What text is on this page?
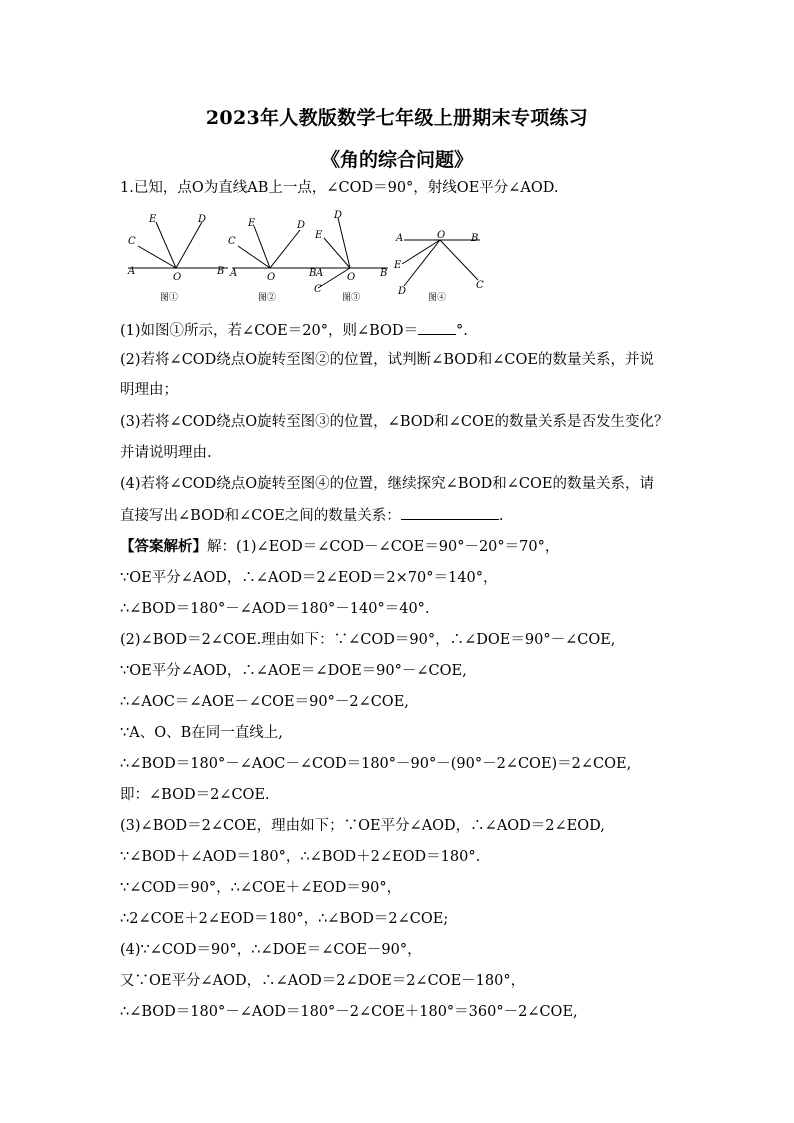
2023年人教版数学七年级上册期末专项练习
《角的综合问题》
1.已知，点O为直线AB上一点，∠COD＝90°，射线OE平分∠AOD.
A
O
B
C
E	D
图①
A	O	B
C
E	D
图②
A O B
C
E
D
图③
A	O	B
E
D
C
图④
(1)如图①所示，若∠COE＝20°，则∠BOD＝	°.
(2)若将∠COD绕点O旋转至图②的位置，试判断∠BOD和∠COE的数量关系，并说
明理由；
(3)若将∠COD绕点O旋转至图③的位置，∠BOD和∠COE的数量关系是否发生变化？
并请说明理由.
(4)若将∠COD绕点O旋转至图④的位置，继续探究∠BOD和∠COE的数量关系，请
直接写出∠BOD和∠COE之间的数量关系：	.
【答案解析】解：(1)∠EOD＝∠COD－∠COE＝90°－20°＝70°，
∵OE平分∠AOD，∴∠AOD＝2∠EOD＝2×70°＝140°，
∴∠BOD＝180°－∠AOD＝180°－140°＝40°.
(2)∠BOD＝2∠COE.理由如下：∵∠COD＝90°，∴∠DOE＝90°－∠COE,
∵OE平分∠AOD，∴∠AOE＝∠DOE＝90°－∠COE,
∴∠AOC＝∠AOE－∠COE＝90°－2∠COE,
∵A、O、B在同一直线上,
∴∠BOD＝180°－∠AOC－∠COD＝180°－90°－(90°－2∠COE)＝2∠COE,
即：∠BOD＝2∠COE.
(3)∠BOD＝2∠COE，理由如下；∵OE平分∠AOD，∴∠AOD＝2∠EOD,
∵∠BOD＋∠AOD＝180°，∴∠BOD＋2∠EOD＝180°.
∵∠COD＝90°，∴∠COE＋∠EOD＝90°，
∴2∠COE＋2∠EOD＝180°，∴∠BOD＝2∠COE;
(4)∵∠COD＝90°，∴∠DOE＝∠COE－90°，
又∵OE平分∠AOD，∴∠AOD＝2∠DOE＝2∠COE－180°，
∴∠BOD＝180°－∠AOD＝180°－2∠COE＋180°＝360°－2∠COE,
